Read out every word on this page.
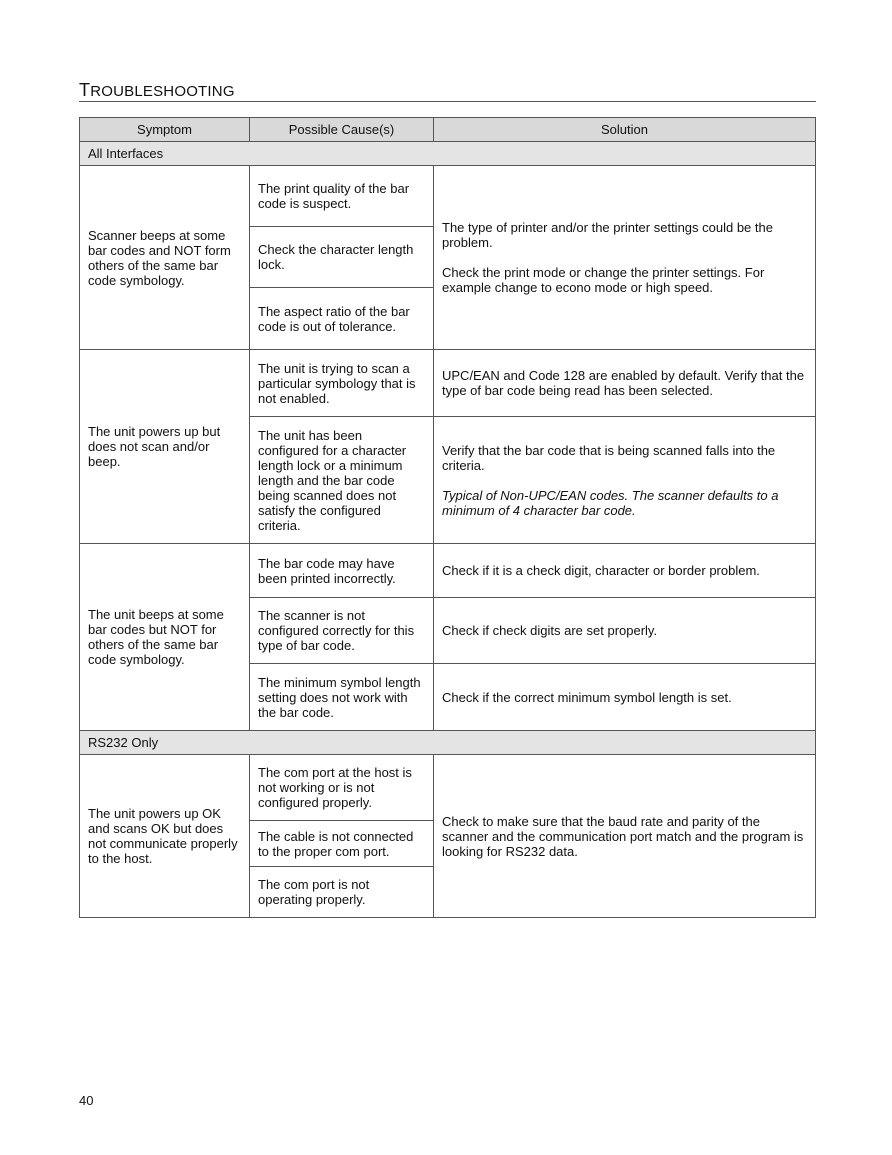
TROUBLESHOOTING
Symptom	Possible Cause(s)	Solution
All Interfaces		
Scanner beeps at some bar codes and NOT form others of the same bar code symbology.	The print quality of the bar code is suspect.	The type of printer and/or the printer settings could be the problem.
Check the print mode or change the printer settings. For example change to econo mode or high speed.
	Check the character length lock.	
	The aspect ratio of the bar code is out of tolerance.	
The unit powers up but does not scan and/or beep.	The unit is trying to scan a particular symbology that is not enabled.	UPC/EAN and Code 128 are enabled by default. Verify that the type of bar code being read has been selected.
	The unit has been configured for a character length lock or a minimum length and the bar code being scanned does not satisfy the configured criteria.	Verify that the bar code that is being scanned falls into the criteria.
Typical of Non-UPC/EAN codes. The scanner defaults to a minimum of 4 character bar code.
The unit beeps at some bar codes but NOT for others of the same bar code symbology.	The bar code may have been printed incorrectly.	Check if it is a check digit, character or border problem.
	The scanner is not configured correctly for this type of bar code.	Check if check digits are set properly.
	The minimum symbol length setting does not work with the bar code.	Check if the correct minimum symbol length is set.
RS232 Only		
The unit powers up OK and scans OK but does not communicate properly to the host.	The com port at the host is not working or is not configured properly.	Check to make sure that the baud rate and parity of the scanner and the communication port match and the program is looking for RS232 data.
	The cable is not connected to the proper com port.	
	The com port is not operating properly.	
40
